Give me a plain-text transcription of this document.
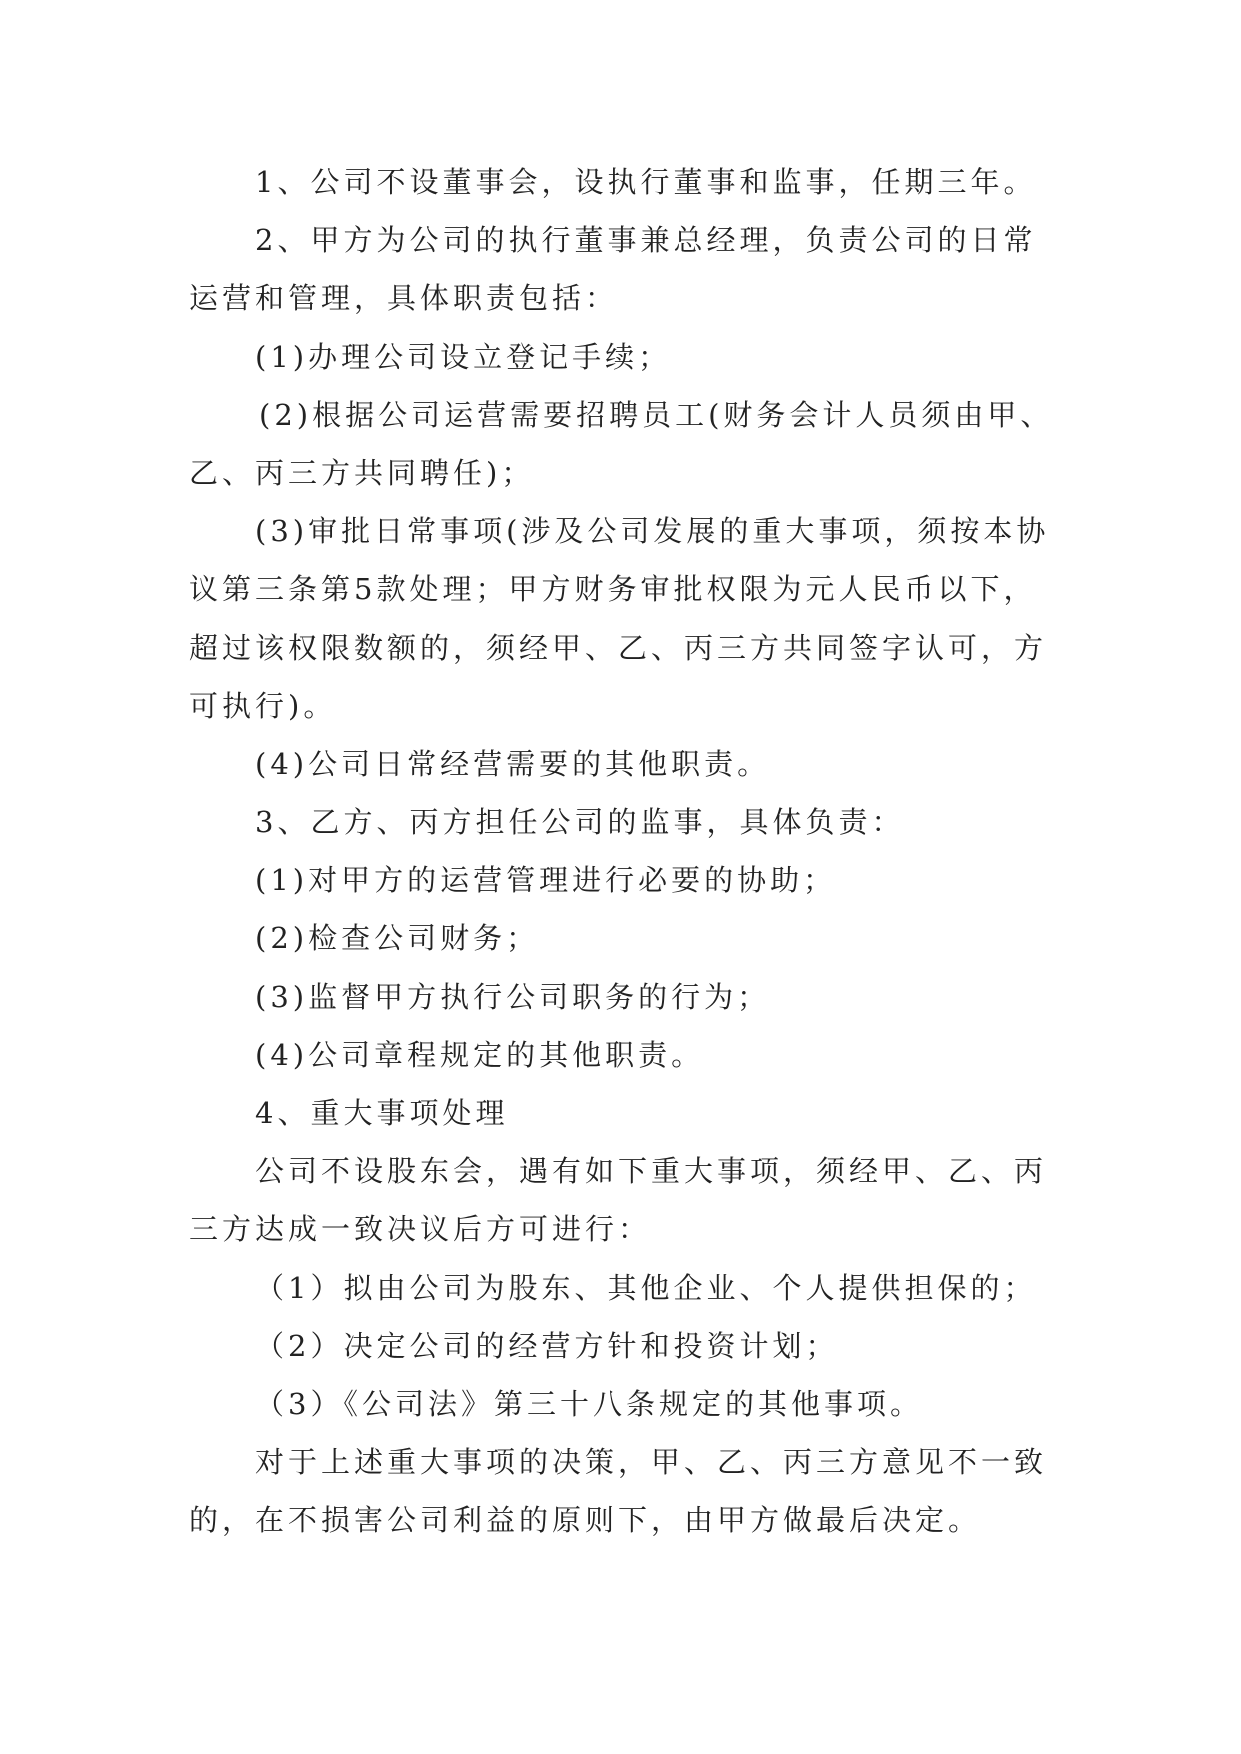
1、公司不设董事会，设执行董事和监事，任期三年。
2、甲方为公司的执行董事兼总经理，负责公司的日常
运营和管理，具体职责包括：
(1)办理公司设立登记手续；
(2)根据公司运营需要招聘员工(财务会计人员须由甲、
乙、丙三方共同聘任)；
(3)审批日常事项(涉及公司发展的重大事项，须按本协
议第三条第5款处理；甲方财务审批权限为元人民币以下，
超过该权限数额的，须经甲、乙、丙三方共同签字认可，方
可执行)。
(4)公司日常经营需要的其他职责。
3、乙方、丙方担任公司的监事，具体负责：
(1)对甲方的运营管理进行必要的协助；
(2)检查公司财务；
(3)监督甲方执行公司职务的行为；
(4)公司章程规定的其他职责。
4、重大事项处理
公司不设股东会，遇有如下重大事项，须经甲、乙、丙
三方达成一致决议后方可进行：
（1）拟由公司为股东、其他企业、个人提供担保的；
（2）决定公司的经营方针和投资计划；
（3）《公司法》第三十八条规定的其他事项。
对于上述重大事项的决策，甲、乙、丙三方意见不一致
的，在不损害公司利益的原则下，由甲方做最后决定。
